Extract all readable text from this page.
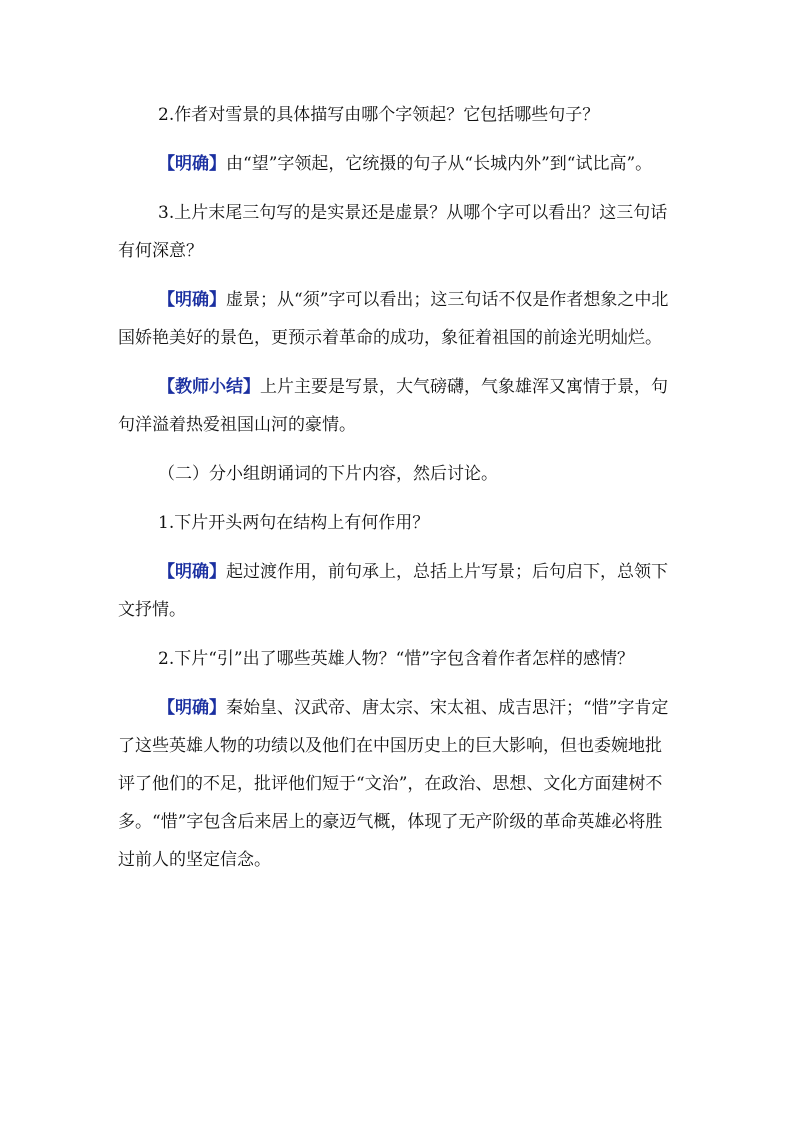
2.作者对雪景的具体描写由哪个字领起？它包括哪些句子？

【明确】由“望”字领起，它统摄的句子从“长城内外”到“试比高”。

3.上片末尾三句写的是实景还是虚景？从哪个字可以看出？这三句话有何深意？

【明确】虚景；从“须”字可以看出；这三句话不仅是作者想象之中北国娇艳美好的景色，更预示着革命的成功，象征着祖国的前途光明灿烂。

【教师小结】上片主要是写景，大气磅礴，气象雄浑又寓情于景，句句洋溢着热爱祖国山河的豪情。

（二）分小组朗诵词的下片内容，然后讨论。

1.下片开头两句在结构上有何作用？

【明确】起过渡作用，前句承上，总括上片写景；后句启下，总领下文抒情。

2.下片“引”出了哪些英雄人物？“惜”字包含着作者怎样的感情？

【明确】秦始皇、汉武帝、唐太宗、宋太祖、成吉思汗；“惜”字肯定了这些英雄人物的功绩以及他们在中国历史上的巨大影响，但也委婉地批评了他们的不足，批评他们短于“文治”，在政治、思想、文化方面建树不多。“惜”字包含后来居上的豪迈气概，体现了无产阶级的革命英雄必将胜过前人的坚定信念。
